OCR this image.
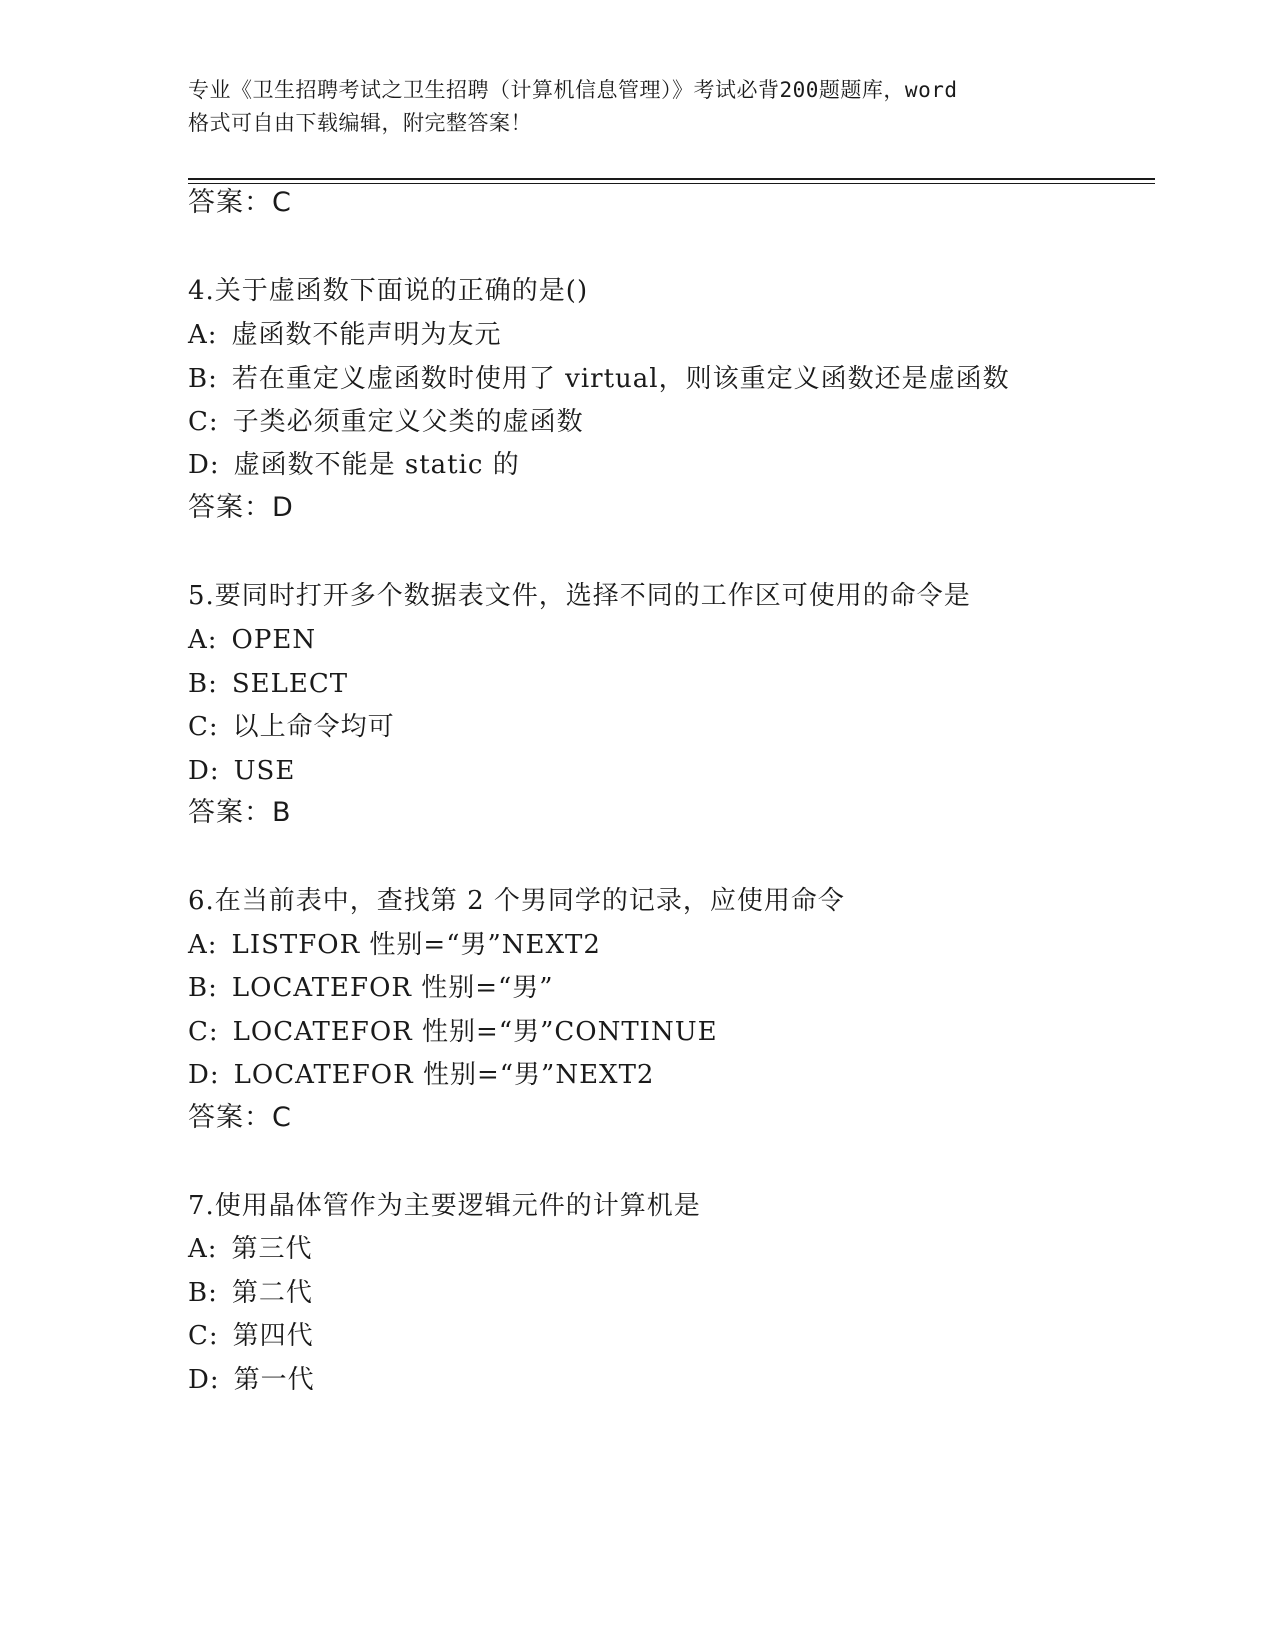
专业《卫生招聘考试之卫生招聘（计算机信息管理）》考试必背200题题库，word
格式可自由下载编辑，附完整答案！
答案：C
4.关于虚函数下面说的正确的是()
A: 虚函数不能声明为友元
B: 若在重定义虚函数时使用了 virtual，则该重定义函数还是虚函数
C: 子类必须重定义父类的虚函数
D: 虚函数不能是 static 的
答案：D
5.要同时打开多个数据表文件，选择不同的工作区可使用的命令是
A: OPEN
B: SELECT
C: 以上命令均可
D: USE
答案：B
6.在当前表中，查找第 2 个男同学的记录，应使用命令
A: LISTFOR 性别=“男”NEXT2
B: LOCATEFOR 性别=“男”
C: LOCATEFOR 性别=“男”CONTINUE
D: LOCATEFOR 性别=“男”NEXT2
答案：C
7.使用晶体管作为主要逻辑元件的计算机是
A: 第三代
B: 第二代
C: 第四代
D: 第一代
